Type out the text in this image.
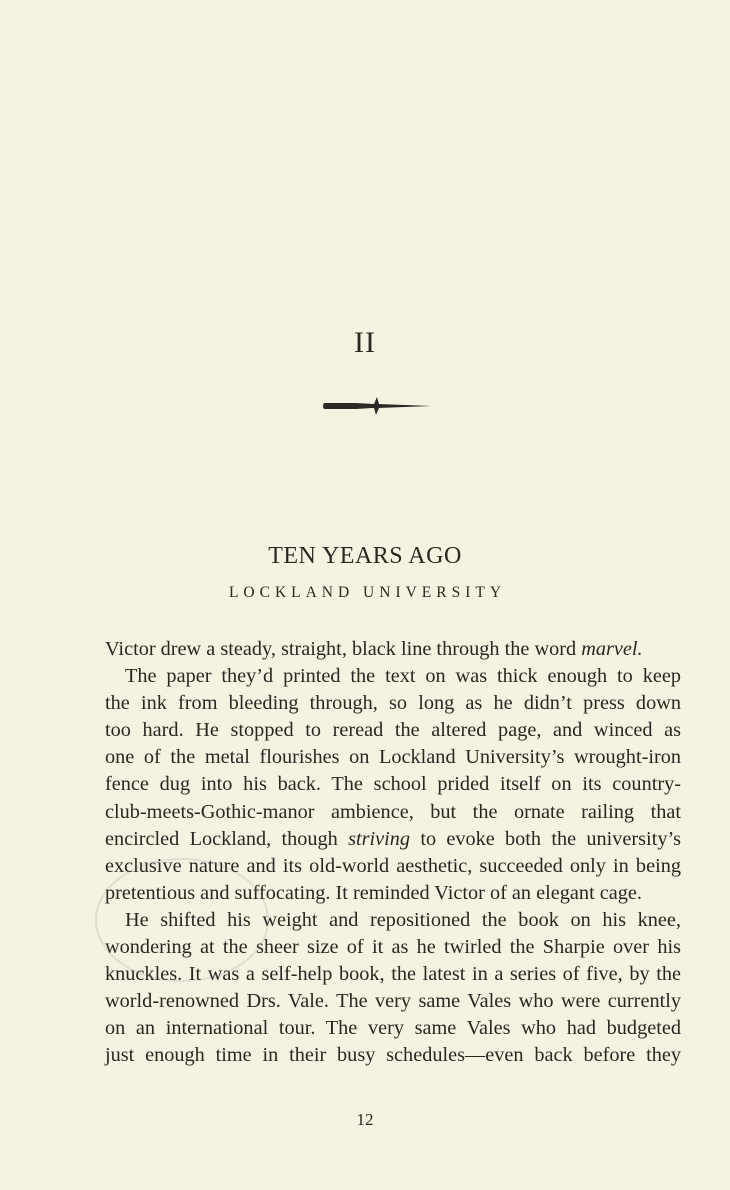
II
TEN YEARS AGO
LOCKLAND UNIVERSITY
Victor drew a steady, straight, black line through the word marvel.
The paper they’d printed the text on was thick enough to keep
the ink from bleeding through, so long as he didn’t press down
too hard. He stopped to reread the altered page, and winced as
one of the metal flourishes on Lockland University’s wrought-iron
fence dug into his back. The school prided itself on its country-
club-meets-Gothic-manor ambience, but the ornate railing that
encircled Lockland, though striving to evoke both the university’s
exclusive nature and its old-world aesthetic, succeeded only in being
pretentious and suffocating. It reminded Victor of an elegant cage.
He shifted his weight and repositioned the book on his knee,
wondering at the sheer size of it as he twirled the Sharpie over his
knuckles. It was a self-help book, the latest in a series of five, by the
world-renowned Drs. Vale. The very same Vales who were currently
on an international tour. The very same Vales who had budgeted
just enough time in their busy schedules—even back before they
12
